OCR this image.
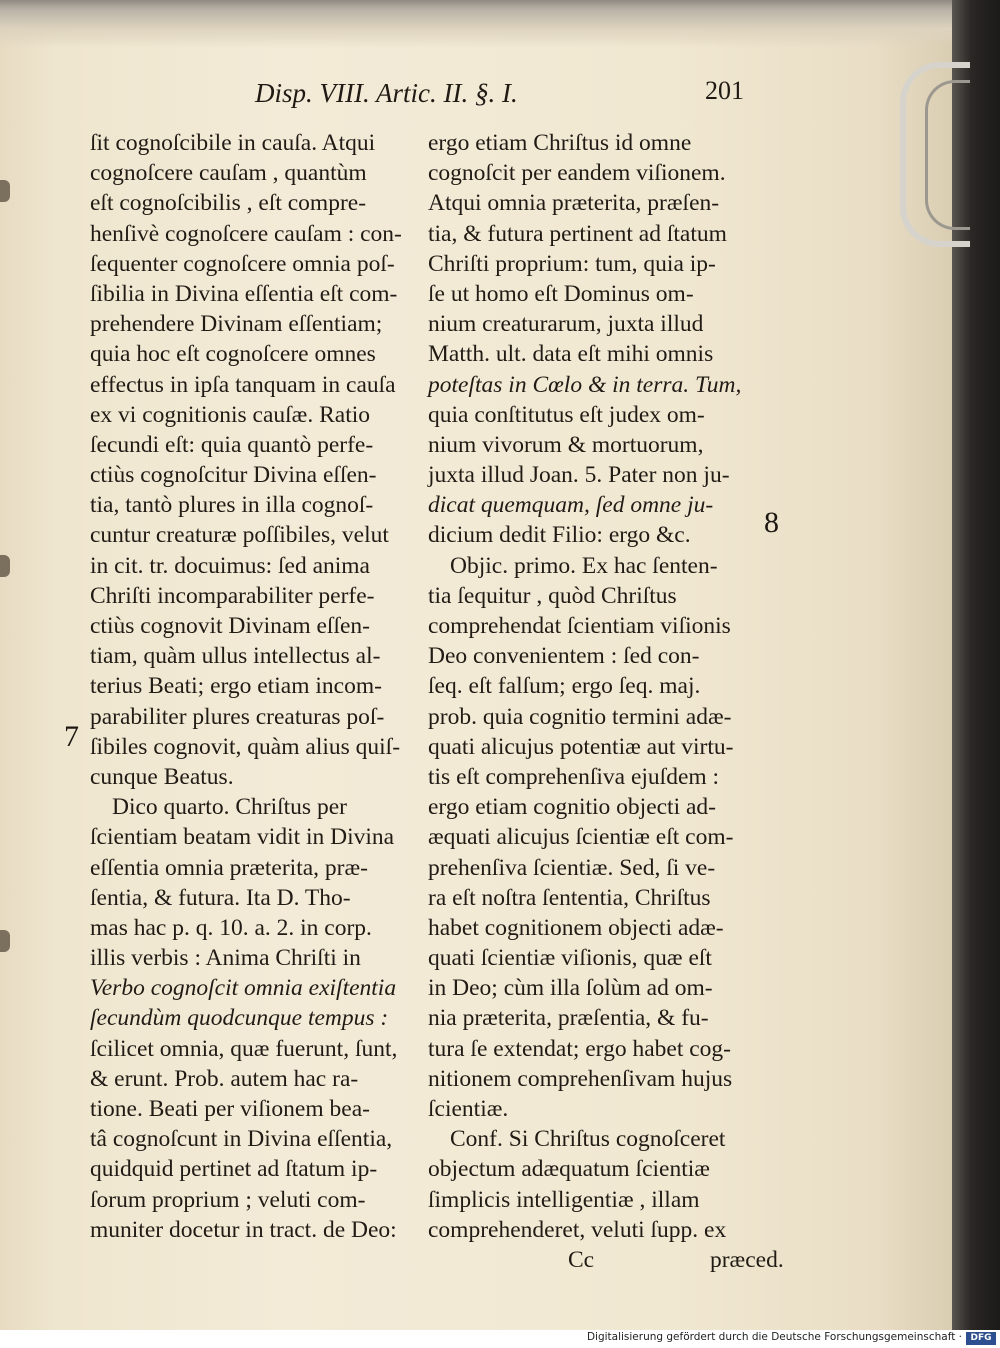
Disp. VIII. Artic. II. §. I.	201
ſit cognoſcibile in cauſa. Atqui
cognoſcere cauſam , quantùm
eſt cognoſcibilis , eſt compre-
henſivè cognoſcere cauſam : con-
ſequenter cognoſcere omnia poſ-
ſibilia in Divina eſſentia eſt com-
prehendere Divinam eſſentiam;
quia hoc eſt cognoſcere omnes
effectus in ipſa tanquam in cauſa
ex vi cognitionis cauſæ. Ratio
ſecundi eſt: quia quantò perfe-
ctiùs cognoſcitur Divina eſſen-
tia, tantò plures in illa cognoſ-
cuntur creaturæ poſſibiles, velut
in cit. tr. docuimus: ſed anima
Chriſti incomparabiliter perfe-
ctiùs cognovit Divinam eſſen-
tiam, quàm ullus intellectus al-
terius Beati; ergo etiam incom-
parabiliter plures creaturas poſ-
ſibiles cognovit, quàm alius quiſ-
cunque Beatus.
Dico quarto. Chriſtus per
ſcientiam beatam vidit in Divina
eſſentia omnia præterita, præ-
ſentia, & futura. Ita D. Tho-
mas hac p. q. 10. a. 2. in corp.
illis verbis : Anima Chriſti in
Verbo cognoſcit omnia exiſtentia
ſecundùm quodcunque tempus :
ſcilicet omnia, quæ fuerunt, ſunt,
& erunt. Prob. autem hac ra-
tione. Beati per viſionem bea-
tâ cognoſcunt in Divina eſſentia,
quidquid pertinet ad ſtatum ip-
ſorum proprium ; veluti com-
muniter docetur in tract. de Deo:
ergo etiam Chriſtus id omne
cognoſcit per eandem viſionem.
Atqui omnia præterita, præſen-
tia, & futura pertinent ad ſtatum
Chriſti proprium: tum, quia ip-
ſe ut homo eſt Dominus om-
nium creaturarum, juxta illud
Matth. ult. data eſt mihi omnis
poteſtas in Cœlo & in terra. Tum,
quia conſtitutus eſt judex om-
nium vivorum & mortuorum,
juxta illud Joan. 5. Pater non ju-
dicat quemquam, ſed omne ju-
dicium dedit Filio: ergo &c.
Objic. primo. Ex hac ſenten-
tia ſequitur , quòd Chriſtus
comprehendat ſcientiam viſionis
Deo convenientem : ſed con-
ſeq. eſt falſum; ergo ſeq. maj.
prob. quia cognitio termini adæ-
quati alicujus potentiæ aut virtu-
tis eſt comprehenſiva ejuſdem :
ergo etiam cognitio objecti ad-
æquati alicujus ſcientiæ eſt com-
prehenſiva ſcientiæ. Sed, ſi ve-
ra eſt noſtra ſententia, Chriſtus
habet cognitionem objecti adæ-
quati ſcientiæ viſionis, quæ eſt
in Deo; cùm illa ſolùm ad om-
nia præterita, præſentia, & fu-
tura ſe extendat; ergo habet cog-
nitionem comprehenſivam hujus
ſcientiæ.
Conf. Si Chriſtus cognoſceret
objectum adæquatum ſcientiæ
ſimplicis intelligentiæ , illam
comprehenderet, veluti ſupp. ex
Cc	præced.
7
8
Digitalisierung gefördert durch die Deutsche Forschungsgemeinschaft · DFG
